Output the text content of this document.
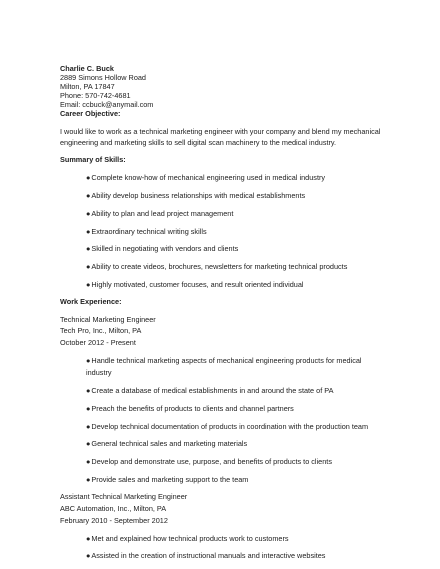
Charlie C. Buck
2889 Simons Hollow Road
Milton, PA 17847
Phone: 570-742-4681
Email: ccbuck@anymail.com
Career Objective:
I would like to work as a technical marketing engineer with your company and blend my mechanical
engineering and marketing skills to sell digital scan machinery to the medical industry.
Summary of Skills:
●Complete know-how of mechanical engineering used in medical industry
●Ability develop business relationships with medical establishments
●Ability to plan and lead project management
●Extraordinary technical writing skills
●Skilled in negotiating with vendors and clients
●Ability to create videos, brochures, newsletters for marketing technical products
●Highly motivated, customer focuses, and result oriented individual
Work Experience:
Technical Marketing Engineer
Tech Pro, Inc., Milton, PA
October 2012 - Present
●Handle technical marketing aspects of mechanical engineering products for medical
industry
●Create a database of medical establishments in and around the state of PA
●Preach the benefits of products to clients and channel partners
●Develop technical documentation of products in coordination with the production team
●General technical sales and marketing materials
●Develop and demonstrate use, purpose, and benefits of products to clients
●Provide sales and marketing support to the team
Assistant Technical Marketing Engineer
ABC Automation, Inc., Milton, PA
February 2010 - September 2012
●Met and explained how technical products work to customers
●Assisted in the creation of instructional manuals and interactive websites
